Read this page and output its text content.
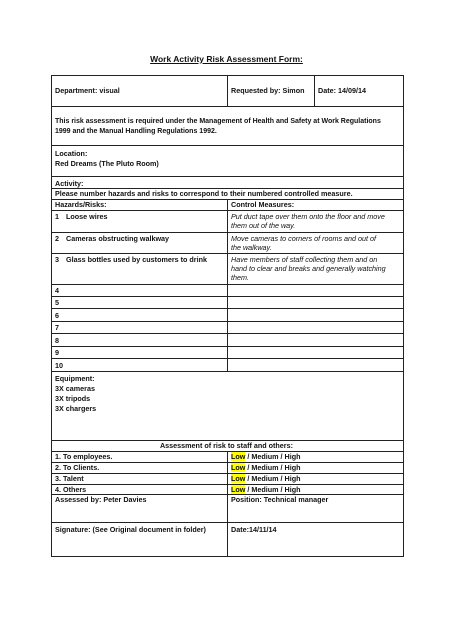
Work Activity Risk Assessment Form:
Department: visual	Requested by: Simon Date: 14/09/14
This risk assessment is required under the Management of Health and Safety at Work Regulations
1999 and the Manual Handling Regulations 1992.
Location:
Red Dreams (The Pluto Room)
Activity:
Please number hazards and risks to correspond to their numbered controlled measure.
Hazards/Risks:	Control Measures:
1 Loose wires	Put duct tape over them onto the floor and move
them out of the way.
2 Cameras obstructing walkway	Move cameras to corners of rooms and out of
the walkway.
3 Glass bottles used by customers to drink	Have members of staff collecting them and on
hand to clear and breaks and generally watching
them.
4
5
6
7
8
9
10
Equipment:
3X cameras
3X tripods
3X chargers
Assessment of risk to staff and others:
1. To employees.	Low / Medium / High
2. To Clients.	Low / Medium / High
3. Talent	Low / Medium / High
4. Others	Low / Medium / High
Assessed by: Peter Davies	Position: Technical manager
Signature: (See Original document in folder)	Date:14/11/14
